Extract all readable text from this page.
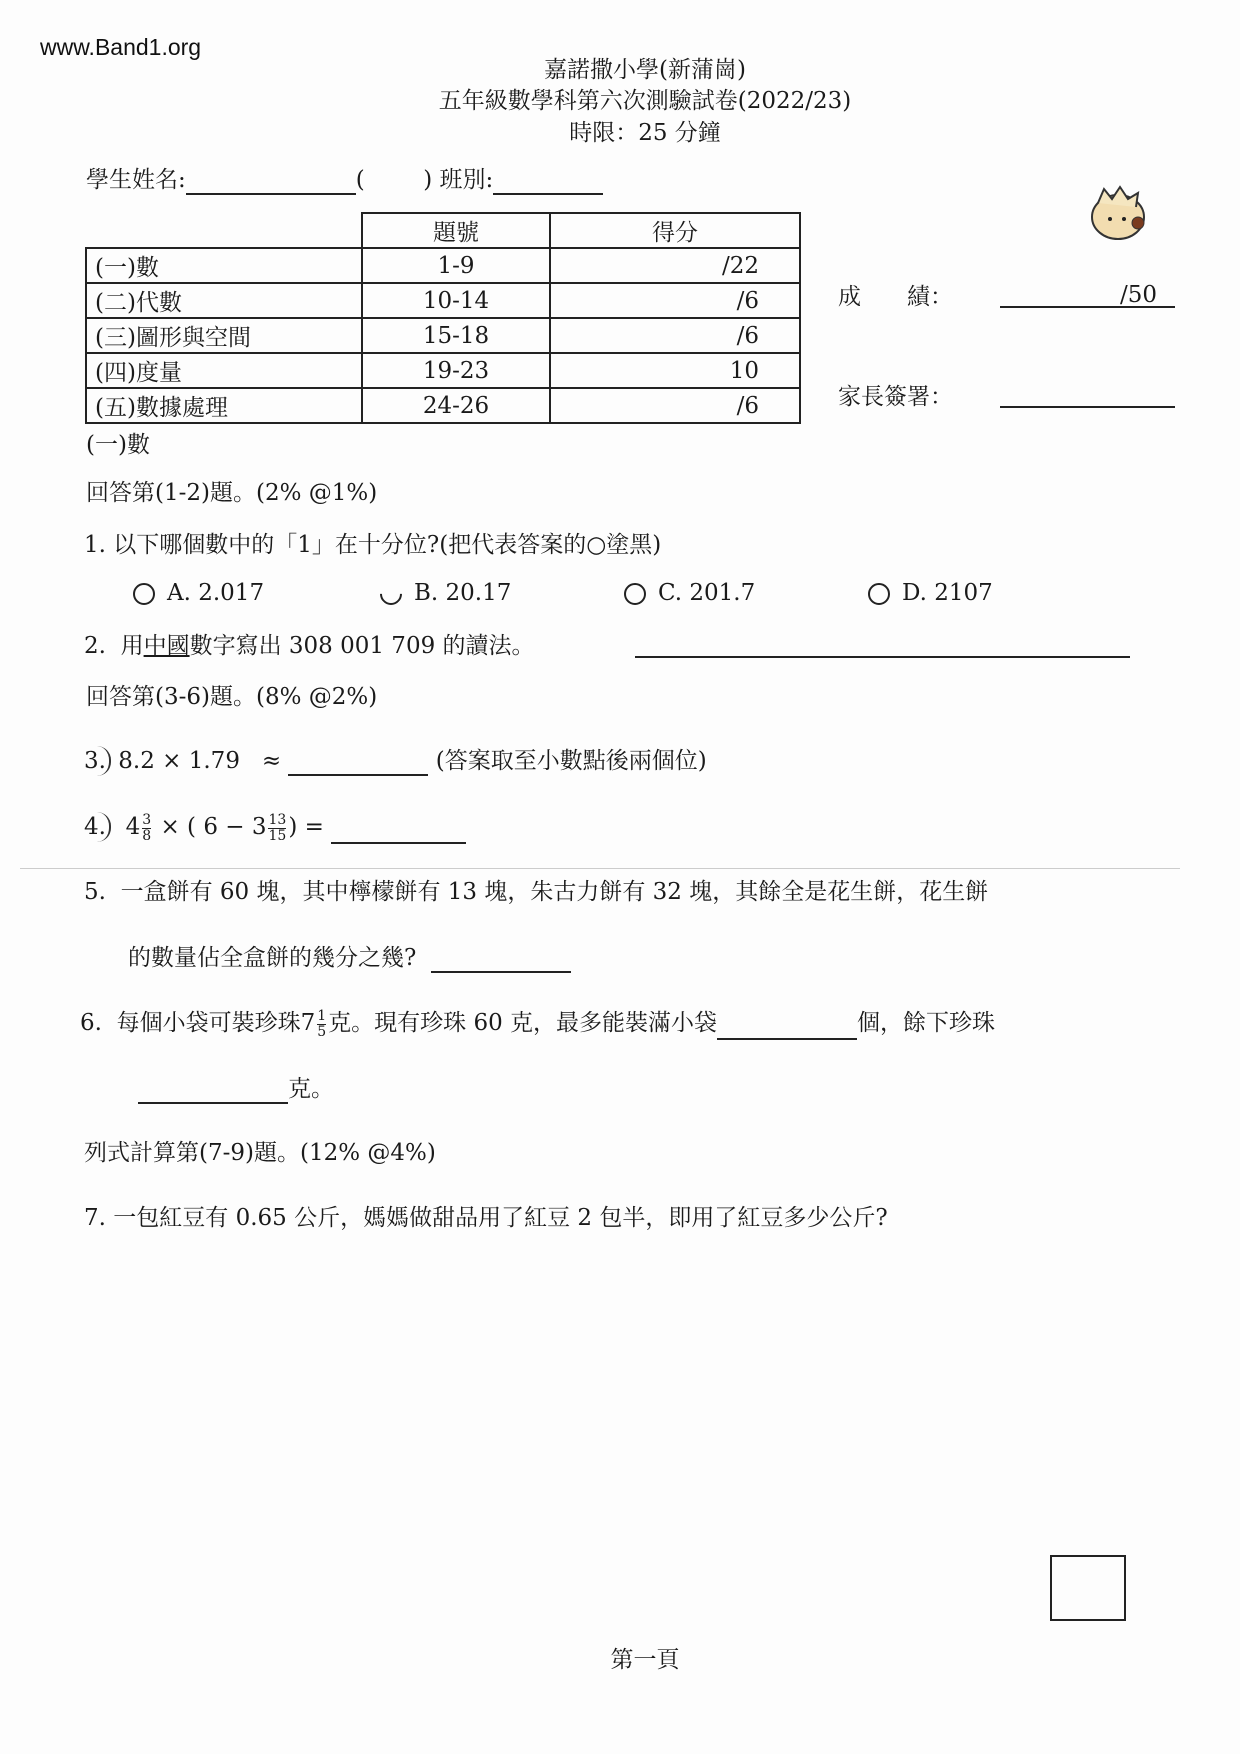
www.Band1.org
嘉諾撒小學(新蒲崗)
五年級數學科第六次測驗試卷(2022/23)
時限：25 分鐘
學生姓名:	(        ) 班別:
	題號	得分
(一)數	1-9	/22
(二)代數	10-14	/6
(三)圖形與空間	15-18	/6
(四)度量	19-23	10
(五)數據處理	24-26	/6
成　　績：	/50
家長簽署：
(一)數
回答第(1-2)題。(2% @1%)
1. 以下哪個數中的「1」在十分位?(把代表答案的○塗黑)
A. 2.017	B. 20.17	C. 201.7	D. 2107
2. 用中國數字寫出 308 001 709 的讀法。
回答第(3-6)題。(8% @2%)
3. 8.2 × 1.79   ≈	(答案取至小數點後兩個位)
4. $4 \frac{3}{8}$ × ( $6 - 3 \frac{13}{15}$ ) =
5. 一盒餅有 60 塊，其中檸檬餅有 13 塊，朱古力餅有 32 塊，其餘全是花生餅，花生餅
的數量佔全盒餅的幾分之幾?
6. 每個小袋可裝珍珠$7 \frac{1}{5}$ 克。現有珍珠 60 克，最多能裝滿小袋	個，餘下珍珠
克。
列式計算第(7-9)題。(12% @4%)
7. 一包紅豆有 0.65 公斤，媽媽做甜品用了紅豆 2 包半，即用了紅豆多少公斤?
第一頁
